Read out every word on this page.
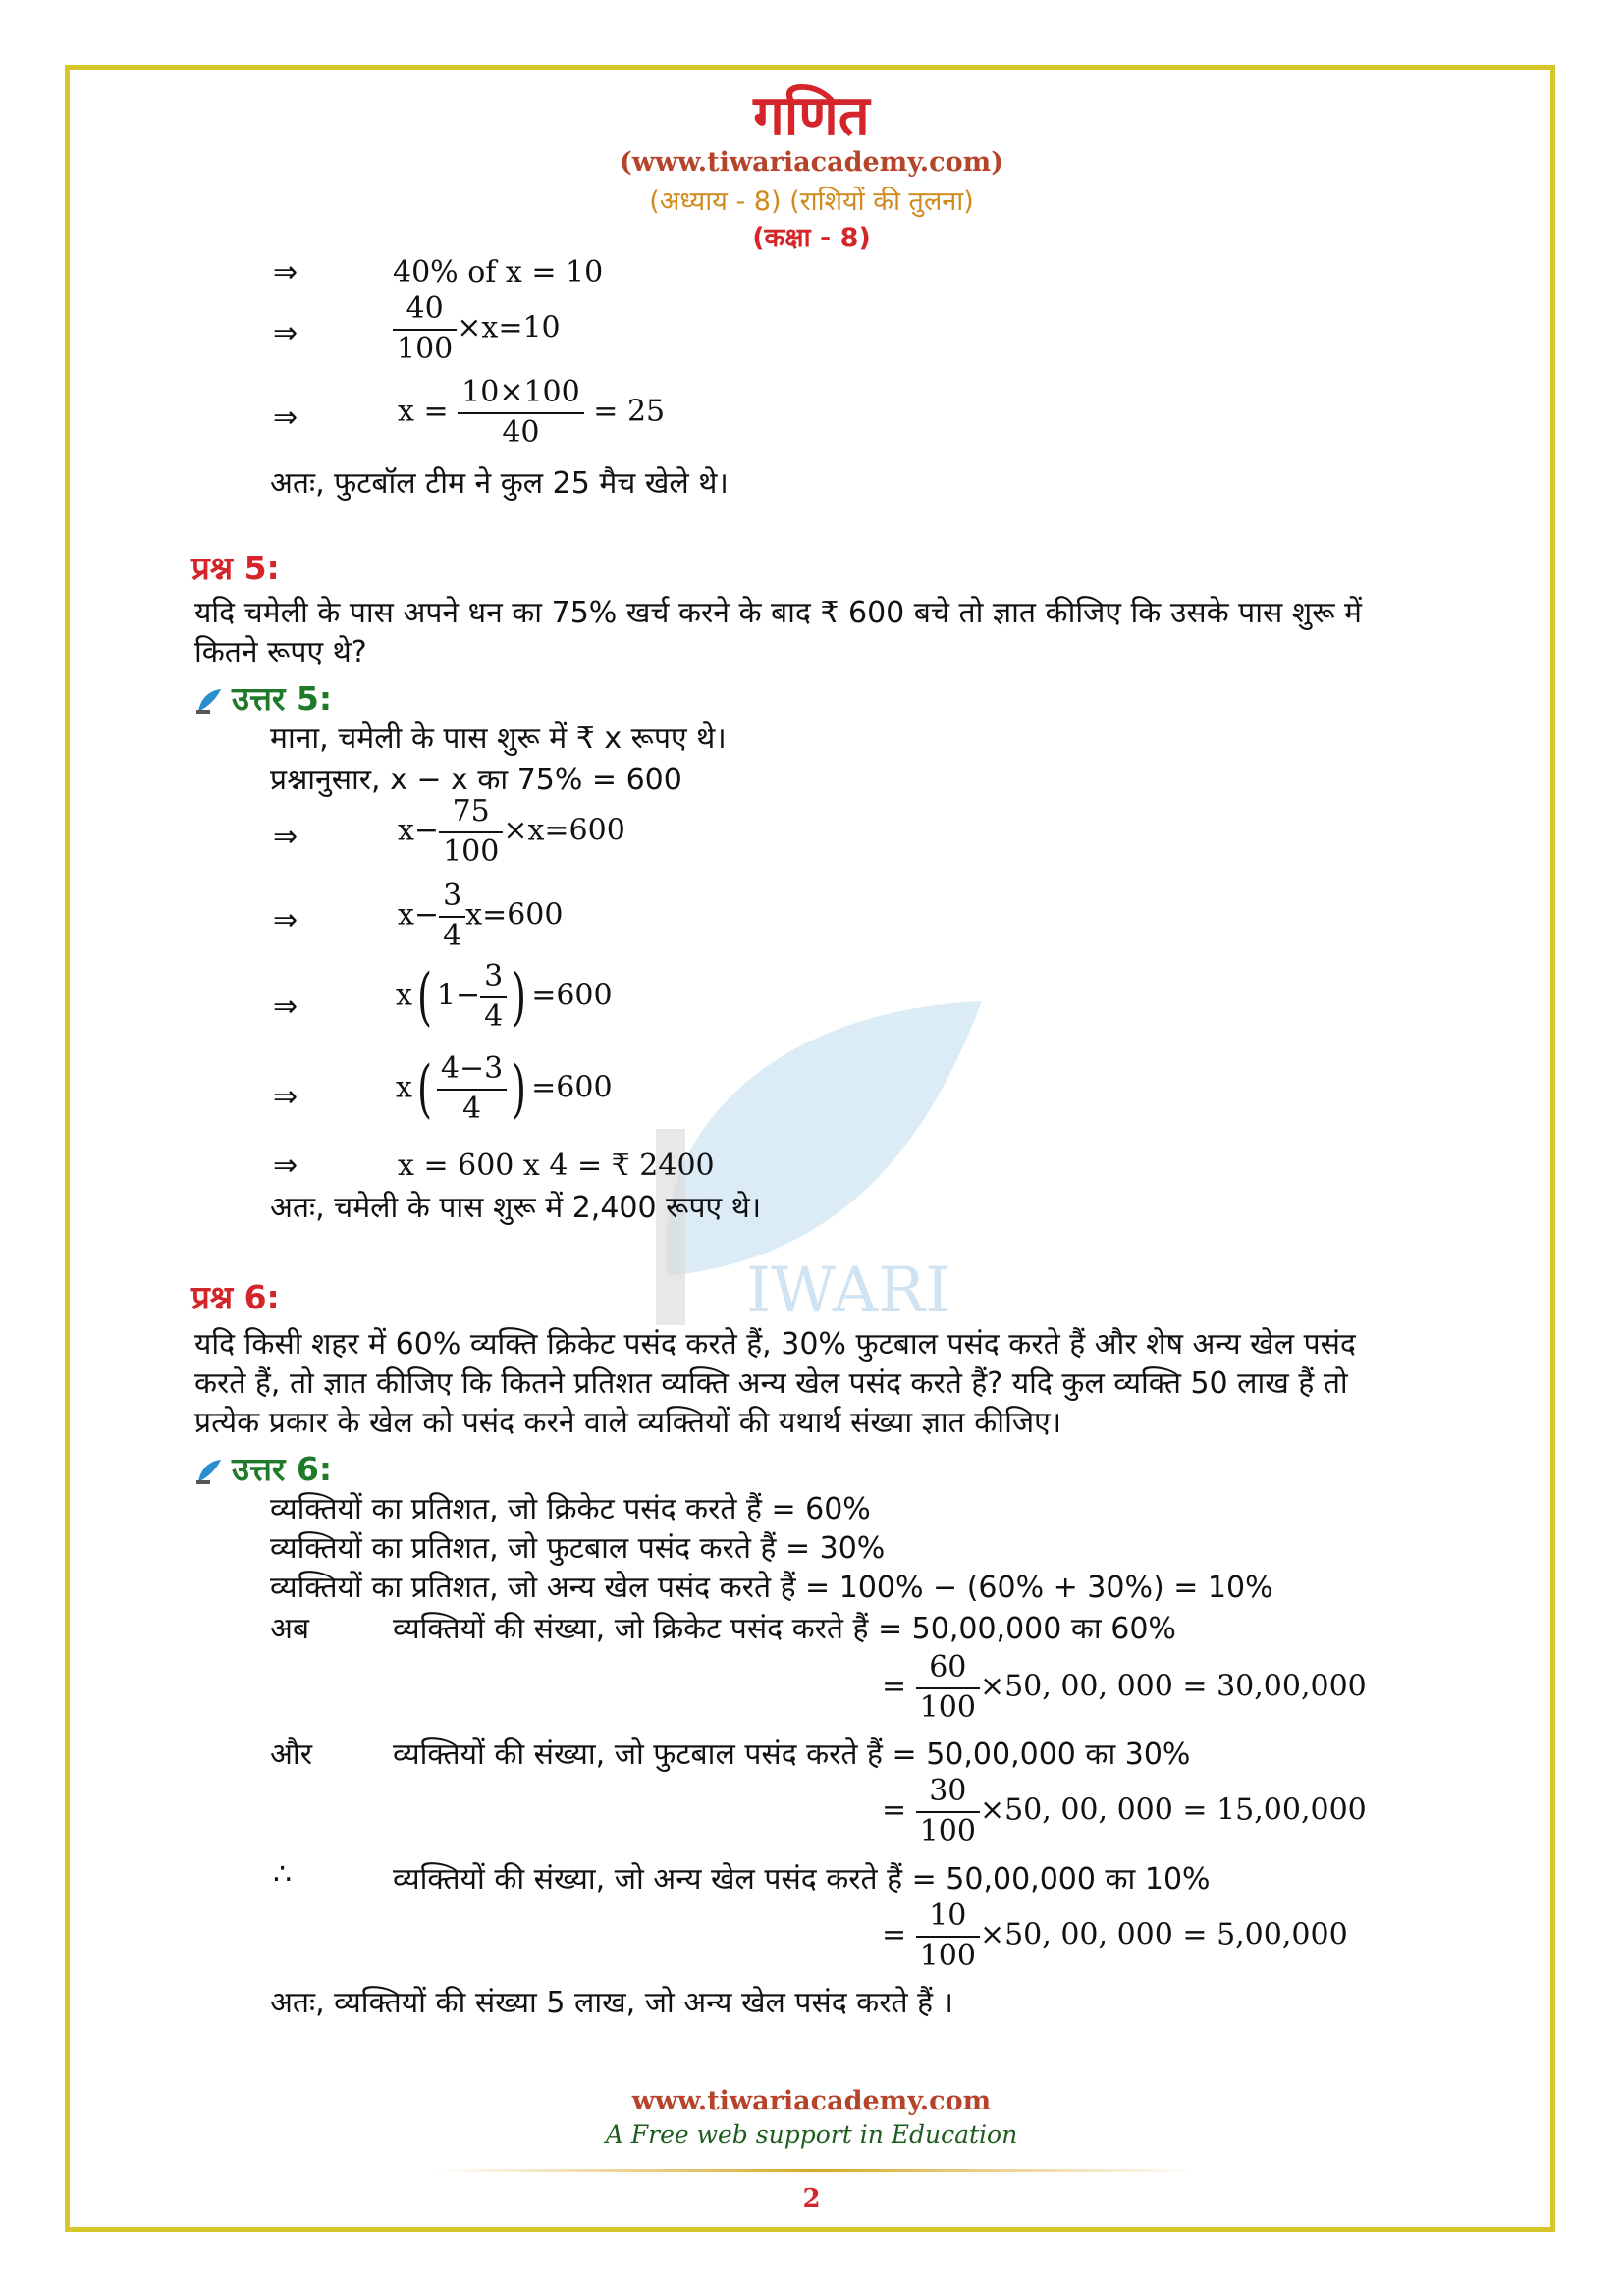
IWARI
गणित
(www.tiwariacademy.com)
(अध्याय - 8) (राशियों की तुलना)
(कक्षा - 8)
⇒	40% of x = 10
⇒	$\frac{40}{100} \times x=10$
⇒	$x = \frac{10\times 100}{40} = 25$
अतः, फुटबॉल टीम ने कुल 25 मैच खेले थे।
प्रश्न 5:
यदि चमेली के पास अपने धन का 75% खर्च करने के बाद ₹ 600 बचे तो ज्ञात कीजिए कि उसके पास शुरू में
कितने रूपए थे?
उत्तर 5:
माना, चमेली के पास शुरू में ₹ x रूपए थे।
प्रश्नानुसार, x − x का 75% = 600
⇒	$x- \frac{75}{100} \times x=600$
⇒	$x- \frac{3}{4} x=600$
⇒	x( $1- \frac{3}{4}$ ) =600
⇒	$x( \frac{4-3}{4}$ ) =600
⇒	x = 600 x 4 = ₹ 2400
अतः, चमेली के पास शुरू में 2,400 रूपए थे।
प्रश्न 6:
यदि किसी शहर में 60% व्यक्ति क्रिकेट पसंद करते हैं, 30% फुटबाल पसंद करते हैं और शेष अन्य खेल पसंद
करते हैं, तो ज्ञात कीजिए कि कितने प्रतिशत व्यक्ति अन्य खेल पसंद करते हैं? यदि कुल व्यक्ति 50 लाख हैं तो
प्रत्येक प्रकार के खेल को पसंद करने वाले व्यक्तियों की यथार्थ संख्या ज्ञात कीजिए।
उत्तर 6:
व्यक्तियों का प्रतिशत, जो क्रिकेट पसंद करते हैं = 60%
व्यक्तियों का प्रतिशत, जो फुटबाल पसंद करते हैं = 30%
व्यक्तियों का प्रतिशत, जो अन्य खेल पसंद करते हैं = 100% − (60% + 30%) = 10%
अब	व्यक्तियों की संख्या, जो क्रिकेट पसंद करते हैं = 50,00,000 का 60%
= $\frac{60}{100} \times 50$, 00, 000 = 30,00,000
और	व्यक्तियों की संख्या, जो फुटबाल पसंद करते हैं = 50,00,000 का 30%
= $\frac{30}{100} \times 50$, 00, 000 = 15,00,000
∴	व्यक्तियों की संख्या, जो अन्य खेल पसंद करते हैं = 50,00,000 का 10%
= $\frac{10}{100} \times 50$, 00, 000 = 5,00,000
अतः, व्यक्तियों की संख्या 5 लाख, जो अन्य खेल पसंद करते हैं ।
www.tiwariacademy.com
A Free web support in Education
2
